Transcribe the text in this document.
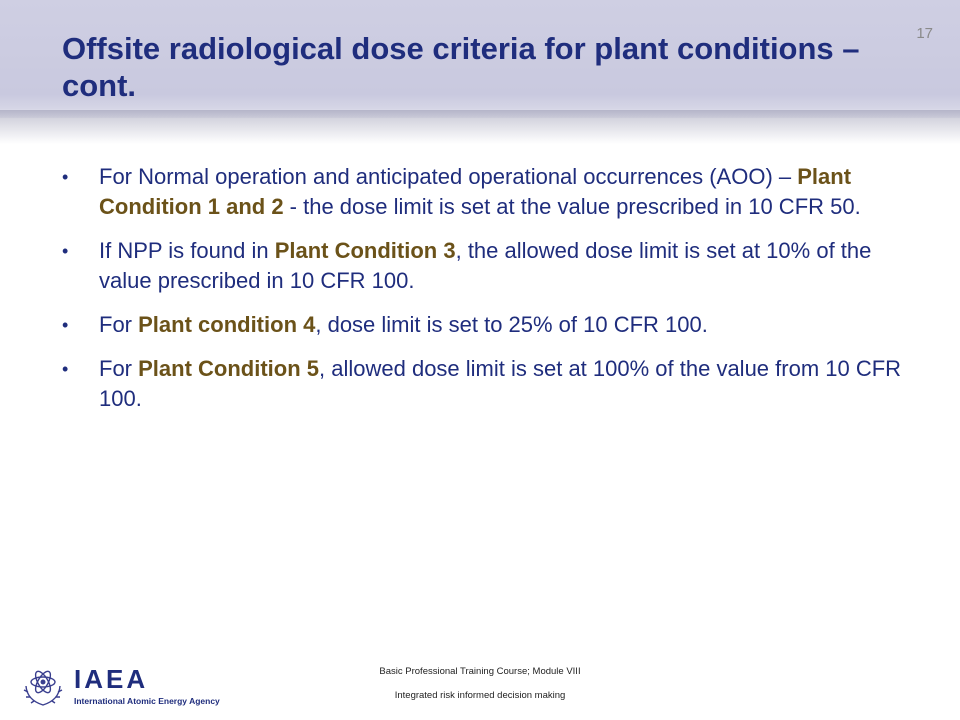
Offsite radiological dose criteria for plant conditions – cont.
17
• For Normal operation and anticipated operational occurrences (AOO) – Plant Condition 1 and 2 - the dose limit is set at the value prescribed in 10 CFR 50.
• If NPP is found in Plant Condition 3, the allowed dose limit is set at 10% of the value prescribed in 10 CFR 100.
• For Plant condition 4, dose limit is set to 25% of 10 CFR 100.
• For Plant Condition 5, allowed dose limit is set at 100% of the value from 10 CFR 100.
IAEA
International Atomic Energy Agency
Basic Professional Training Course; Module VIII
Integrated risk informed decision making
